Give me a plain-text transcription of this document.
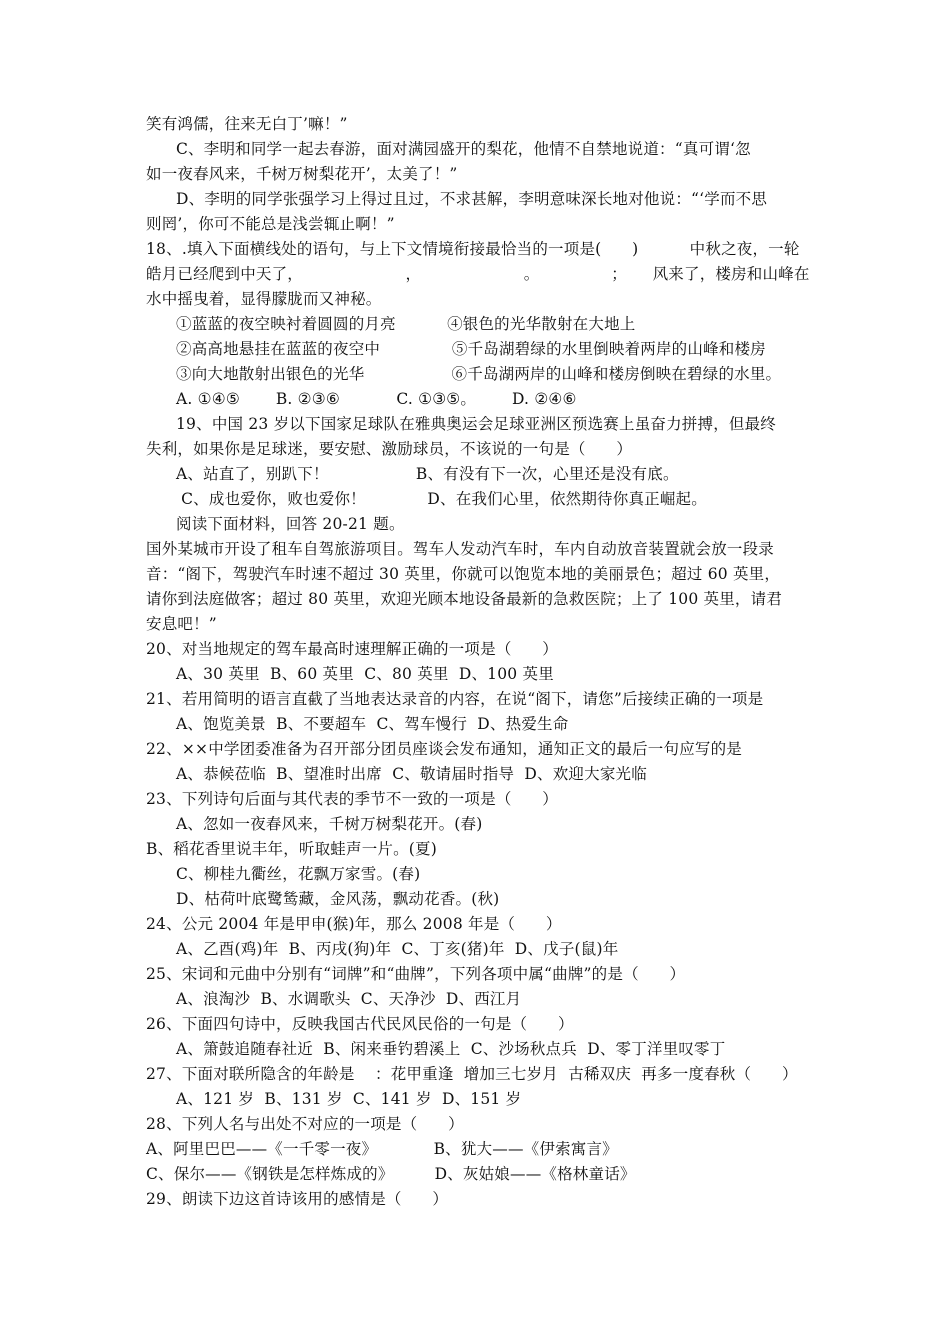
笑有鸿儒，往来无白丁’嘛！”
C、李明和同学一起去春游，面对满园盛开的梨花，他情不自禁地说道：“真可谓‘忽
如一夜春风来，千树万树梨花开’，太美了！”
D、李明的同学张强学习上得过且过，不求甚解，李明意味深长地对他说：“‘学而不思
则罔’，你可不能总是浅尝辄止啊！”
18、.填入下面横线处的语句，与上下文情境衔接最恰当的一项是(      )          中秋之夜，一轮
皓月已经爬到中天了，                    ，                    。              ；     风来了，楼房和山峰在
水中摇曳着，显得朦胧而又神秘。
①蓝蓝的夜空映衬着圆圆的月亮          ④银色的光华散射在大地上
②高高地悬挂在蓝蓝的夜空中              ⑤千岛湖碧绿的水里倒映着两岸的山峰和楼房
③向大地散射出银色的光华                 ⑥千岛湖两岸的山峰和楼房倒映在碧绿的水里。
A. ①④⑤       B. ②③⑥           C. ①③⑤。       D. ②④⑥
19、中国 23 岁以下国家足球队在雅典奥运会足球亚洲区预选赛上虽奋力拼搏，但最终
失利，如果你是足球迷，要安慰、激励球员，不该说的一句是（      ）
A、站直了，别趴下！                 B、有没有下一次，心里还是没有底。
C、成也爱你，败也爱你！            D、在我们心里，依然期待你真正崛起。
阅读下面材料，回答 20-21 题。
国外某城市开设了租车自驾旅游项目。驾车人发动汽车时，车内自动放音装置就会放一段录
音：“阁下，驾驶汽车时速不超过 30 英里，你就可以饱览本地的美丽景色；超过 60 英里，
请你到法庭做客；超过 80 英里，欢迎光顾本地设备最新的急救医院；上了 100 英里，请君
安息吧！”
20、对当地规定的驾车最高时速理解正确的一项是（      ）
A、30 英里  B、60 英里  C、80 英里  D、100 英里
21、若用简明的语言直截了当地表达录音的内容，在说“阁下，请您”后接续正确的一项是
A、饱览美景  B、不要超车  C、驾车慢行  D、热爱生命
22、××中学团委准备为召开部分团员座谈会发布通知，通知正文的最后一句应写的是
A、恭候莅临  B、望准时出席  C、敬请届时指导  D、欢迎大家光临
23、下列诗句后面与其代表的季节不一致的一项是（      ）
A、忽如一夜春风来，千树万树梨花开。(春)
B、稻花香里说丰年，听取蛙声一片。(夏)
C、柳桂九衢丝，花飘万家雪。(春)
D、枯荷叶底鹭鸶藏，金风荡，飘动花香。(秋)
24、公元 2004 年是甲申(猴)年，那么 2008 年是（      ）
A、乙酉(鸡)年  B、丙戌(狗)年  C、丁亥(猪)年  D、戊子(鼠)年
25、宋词和元曲中分别有“词牌”和“曲牌”，下列各项中属“曲牌”的是（      ）
A、浪淘沙  B、水调歌头  C、天净沙  D、西江月
26、下面四句诗中，反映我国古代民风民俗的一句是（      ）
A、箫鼓追随春社近  B、闲来垂钓碧溪上  C、沙场秋点兵  D、零丁洋里叹零丁
27、下面对联所隐含的年龄是    ：花甲重逢  增加三七岁月  古稀双庆  再多一度春秋（      ）
A、121 岁  B、131 岁  C、141 岁  D、151 岁
28、下列人名与出处不对应的一项是（      ）
A、阿里巴巴——《一千零一夜》           B、犹大——《伊索寓言》
C、保尔——《钢铁是怎样炼成的》        D、灰姑娘——《格林童话》
29、朗读下边这首诗该用的感情是（      ）
